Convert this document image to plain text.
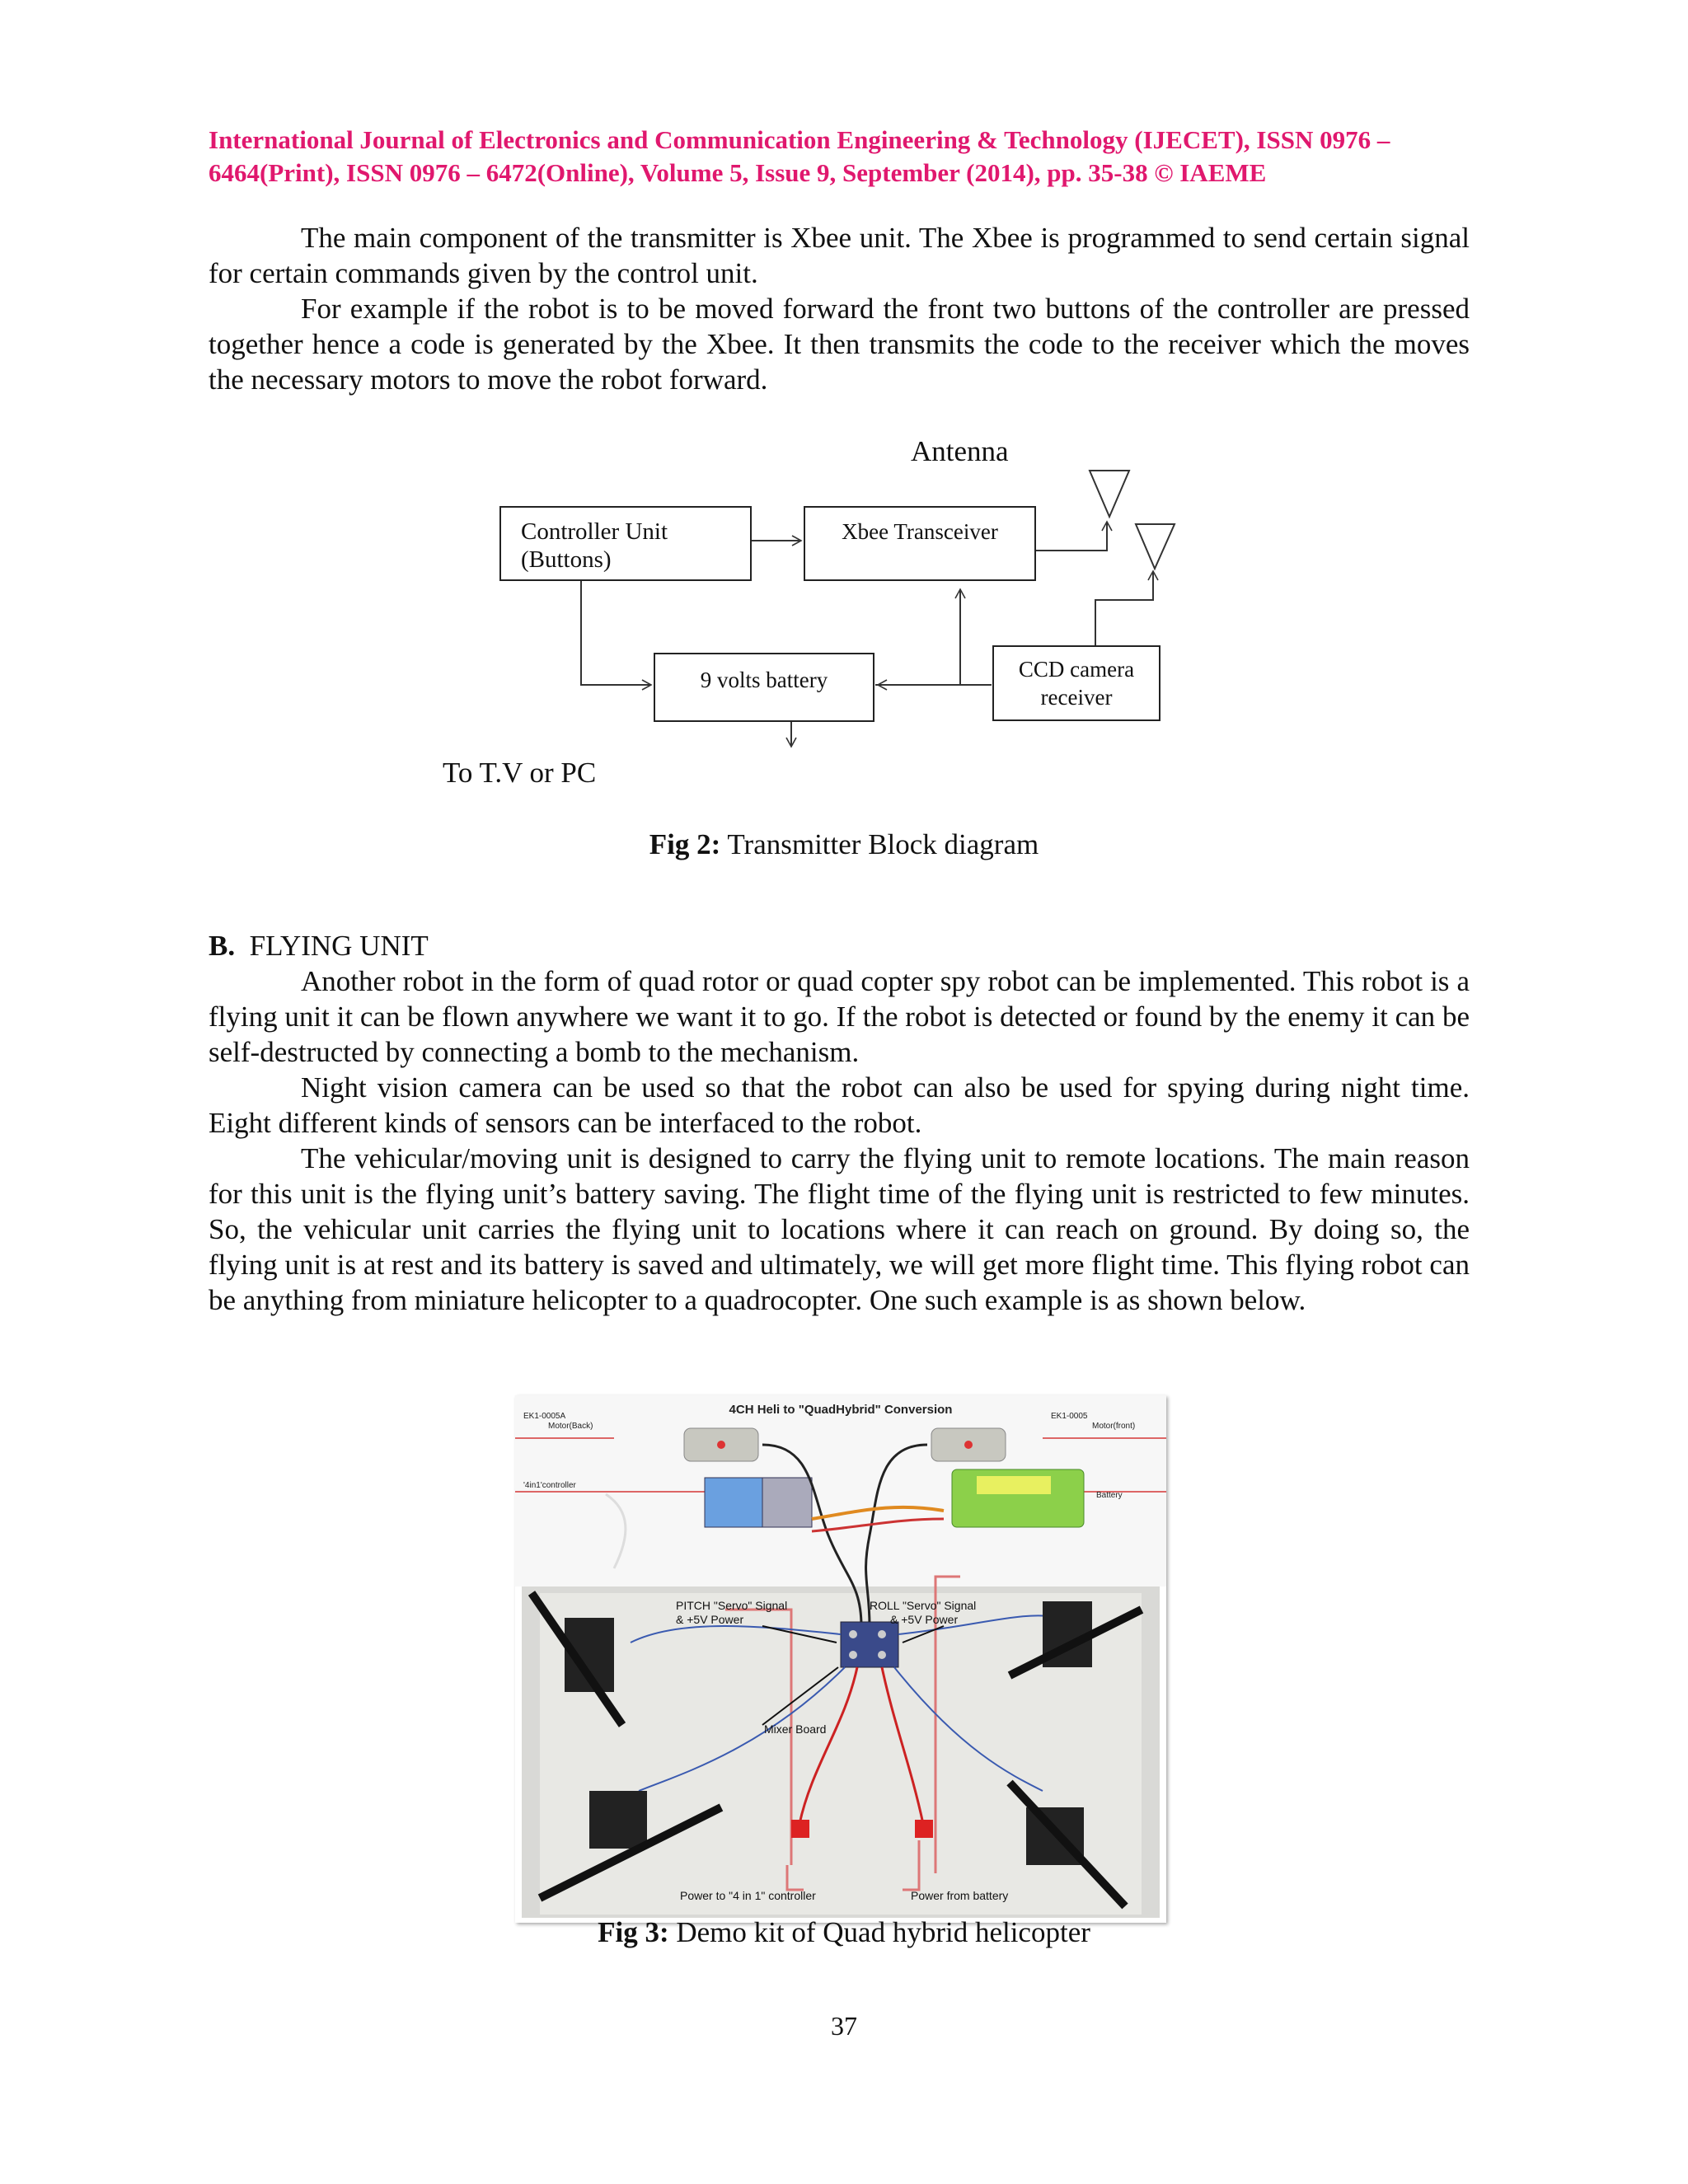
International Journal of Electronics and Communication Engineering & Technology (IJECET), ISSN 0976 –
6464(Print), ISSN 0976 – 6472(Online), Volume 5, Issue 9, September (2014), pp. 35-38 © IAEME

The main component of the transmitter is Xbee unit. The Xbee is programmed to send certain signal for certain commands given by the control unit.

For example if the robot is to be moved forward the front two buttons of the controller are pressed together hence a code is generated by the Xbee. It then transmits the code to the receiver which the moves the necessary motors to move the robot forward.

Antenna
Controller Unit
(Buttons)
Xbee Transceiver
9 volts battery	CCD camera
receiver
To T.V or PC
Fig 2: Transmitter Block diagram
B. FLYING UNIT

Another robot in the form of quad rotor or quad copter spy robot can be implemented. This robot is a flying unit it can be flown anywhere we want it to go. If the robot is detected or found by the enemy it can be self-destructed by connecting a bomb to the mechanism.

Night vision camera can be used so that the robot can also be used for spying during night time. Eight different kinds of sensors can be interfaced to the robot.

The vehicular/moving unit is designed to carry the flying unit to remote locations. The main reason for this unit is the flying unit’s battery saving. The flight time of the flying unit is restricted to few minutes. So, the vehicular unit carries the flying unit to locations where it can reach on ground. By doing so, the flying unit is at rest and its battery is saved and ultimately, we will get more flight time. This flying robot can be anything from miniature helicopter to a quadrocopter. One such example is as shown below.

4CH Heli to "QuadHybrid" Conversion
EK1-0005A
Motor(Back)
EK1-0005
Motor(front)
'4in1'controller
Battery
PITCH "Servo" Signal
& +5V Power
ROLL "Servo" Signal
& +5V Power
Mixer Board
Power to "4 in 1" controller	Power from battery
Fig 3: Demo kit of Quad hybrid helicopter
37
